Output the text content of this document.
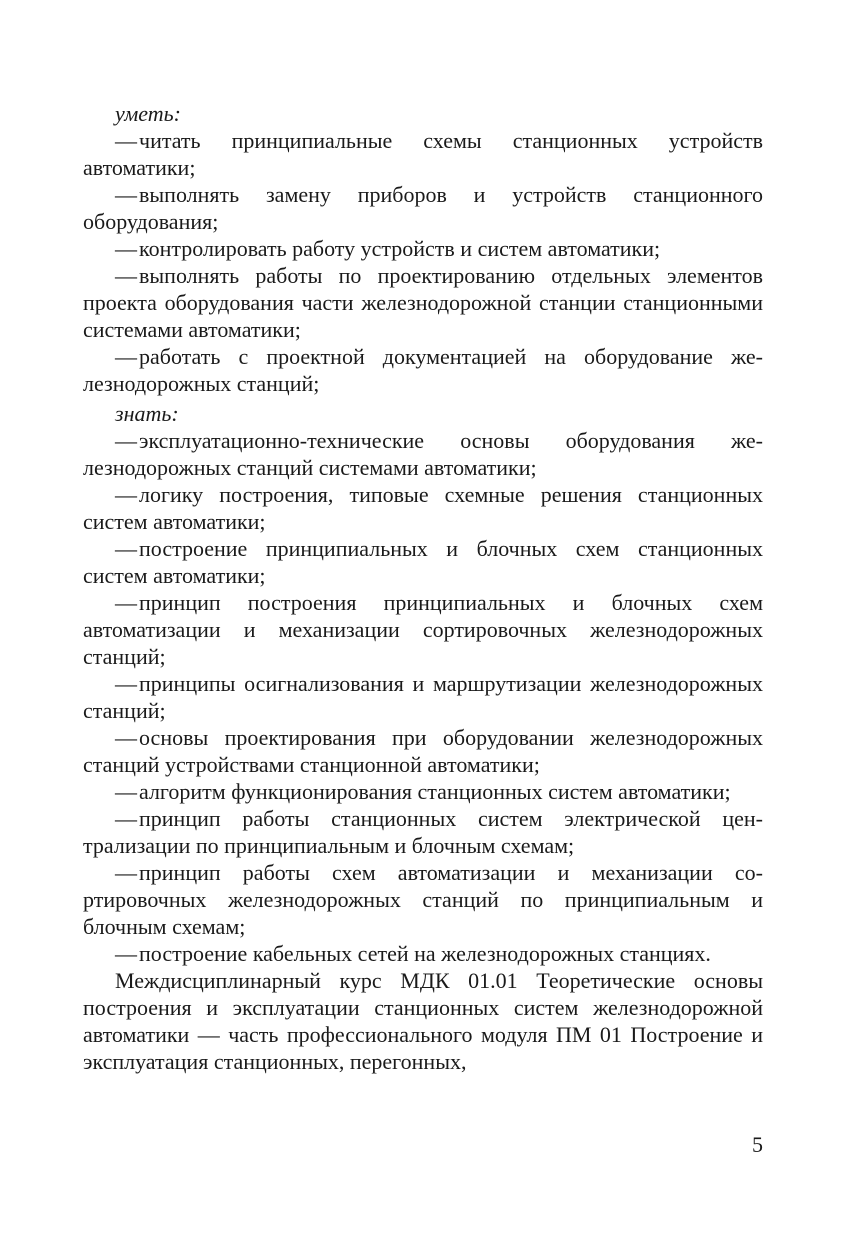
уметь:

—читать принципиальные схемы станционных устройств автоматики;

—выполнять замену приборов и устройств станционного оборудования;

—контролировать работу устройств и систем автоматики;

—выполнять работы по проектированию отдельных элементов проекта оборудования части железнодорожной станции станционными системами автоматики;

—работать с проектной документацией на оборудование железнодорожных станций;

знать:

—эксплуатационно-технические основы оборудования железнодорожных станций системами автоматики;

—логику построения, типовые схемные решения станционных систем автоматики;

—построение принципиальных и блочных схем станционных систем автоматики;

—принцип построения принципиальных и блочных схем автоматизации и механизации сортировочных железнодорожных станций;

—принципы осигнализования и маршрутизации железнодорожных станций;

—основы проектирования при оборудовании железнодорожных станций устройствами станционной автоматики;

—алгоритм функционирования станционных систем автоматики;

—принцип работы станционных систем электрической централизации по принципиальным и блочным схемам;

—принцип работы схем автоматизации и механизации сортировочных железнодорожных станций по принципиальным и блочным схемам;

—построение кабельных сетей на железнодорожных станциях.

Междисциплинарный курс МДК 01.01 Теоретические основы построения и эксплуатации станционных систем железнодорожной автоматики — часть профессионального модуля ПМ 01 Построение и эксплуатация станционных, перегонных,

5
